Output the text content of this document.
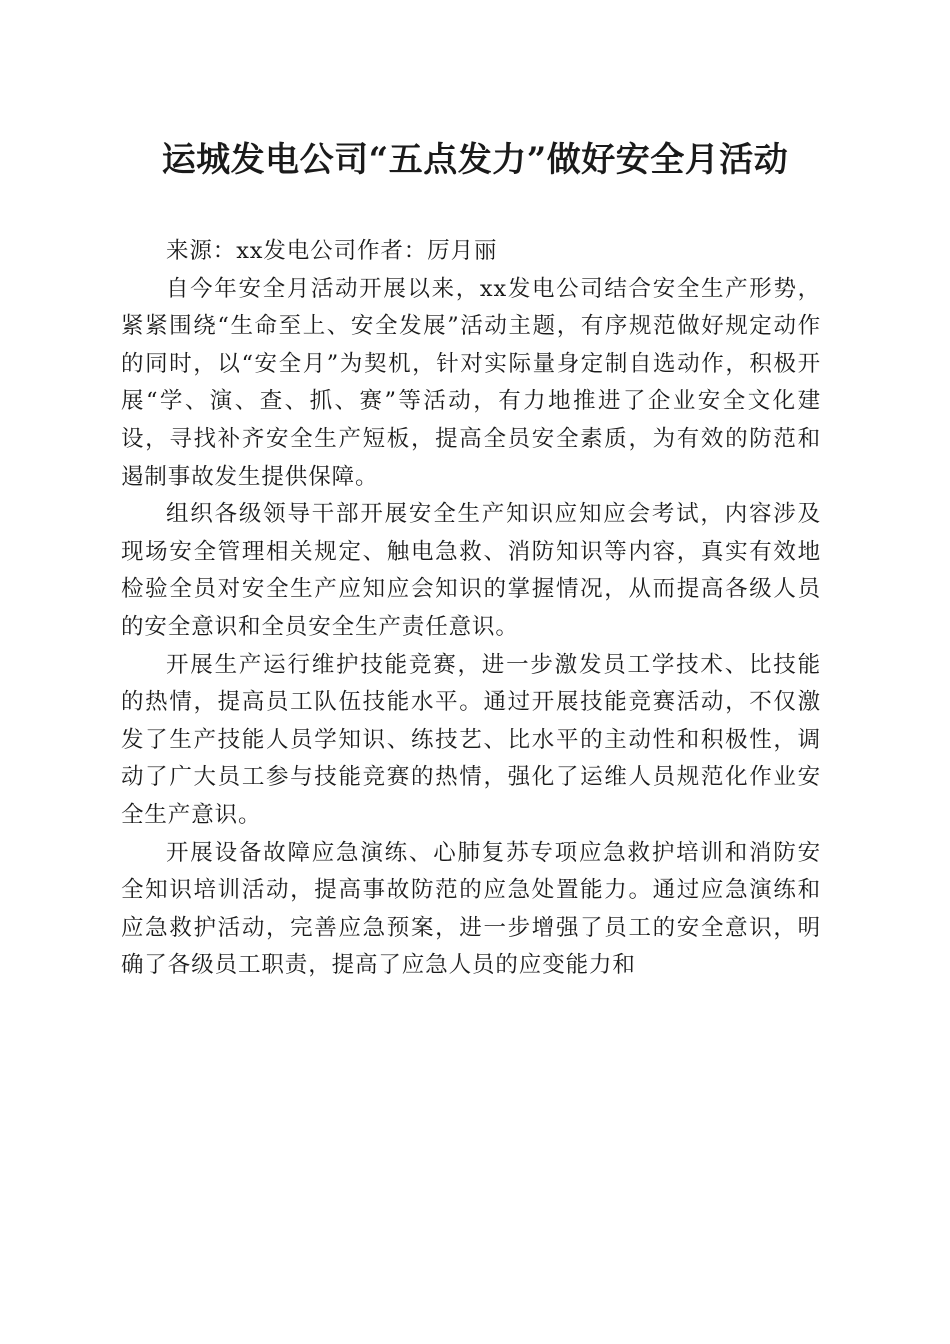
运城发电公司“五点发力”做好安全月活动

来源：xx发电公司作者：厉月丽

自今年安全月活动开展以来，xx发电公司结合安全生产形势，紧紧围绕“生命至上、安全发展”活动主题，有序规范做好规定动作的同时，以“安全月”为契机，针对实际量身定制自选动作，积极开展“学、演、查、抓、赛”等活动，有力地推进了企业安全文化建设，寻找补齐安全生产短板，提高全员安全素质，为有效的防范和遏制事故发生提供保障。

组织各级领导干部开展安全生产知识应知应会考试，内容涉及现场安全管理相关规定、触电急救、消防知识等内容，真实有效地检验全员对安全生产应知应会知识的掌握情况，从而提高各级人员的安全意识和全员安全生产责任意识。

开展生产运行维护技能竞赛，进一步激发员工学技术、比技能的热情，提高员工队伍技能水平。通过开展技能竞赛活动，不仅激发了生产技能人员学知识、练技艺、比水平的主动性和积极性，调动了广大员工参与技能竞赛的热情，强化了运维人员规范化作业安全生产意识。

开展设备故障应急演练、心肺复苏专项应急救护培训和消防安全知识培训活动，提高事故防范的应急处置能力。通过应急演练和应急救护活动，完善应急预案，进一步增强了员工的安全意识，明确了各级员工职责，提高了应急人员的应变能力和
